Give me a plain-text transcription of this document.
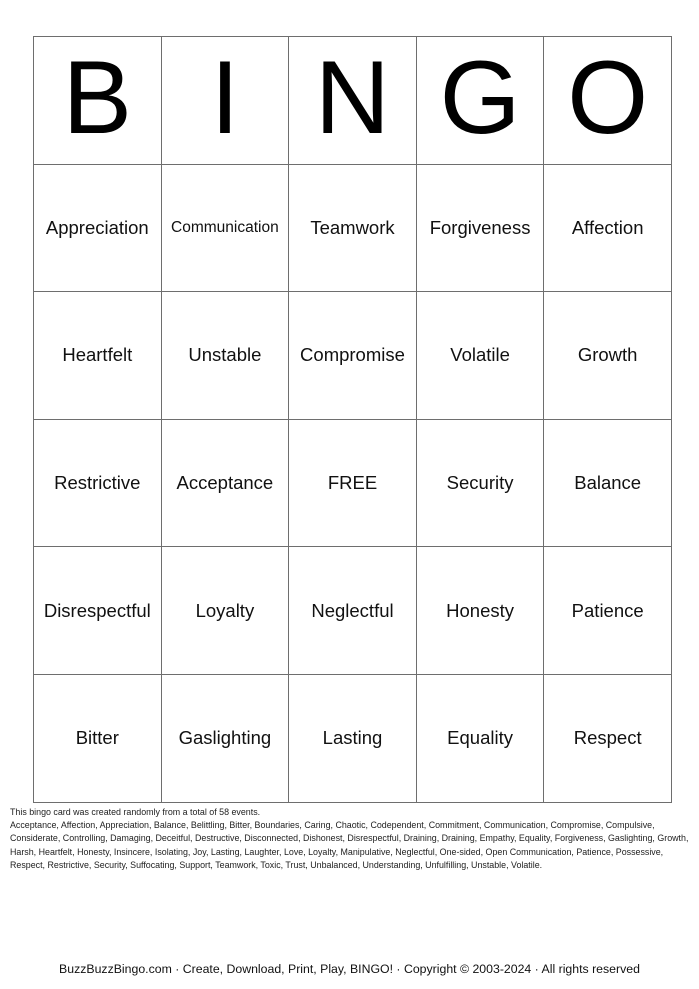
B	I	N	G	O
Appreciation	Communication	Teamwork	Forgiveness	Affection
Heartfelt	Unstable	Compromise	Volatile	Growth
Restrictive	Acceptance	FREE	Security	Balance
Disrespectful	Loyalty	Neglectful	Honesty	Patience
Bitter	Gaslighting	Lasting	Equality	Respect

This bingo card was created randomly from a total of 58 events.

Acceptance, Affection, Appreciation, Balance, Belittling, Bitter, Boundaries, Caring, Chaotic, Codependent, Commitment, Communication, Compromise, Compulsive, Considerate, Controlling, Damaging, Deceitful, Destructive, Disconnected, Dishonest, Disrespectful, Draining, Draining, Empathy, Equality, Forgiveness, Gaslighting, Growth, Harsh, Heartfelt, Honesty, Insincere, Isolating, Joy, Lasting, Laughter, Love, Loyalty, Manipulative, Neglectful, One-sided, Open Communication, Patience, Possessive, Respect, Restrictive, Security, Suffocating, Support, Teamwork, Toxic, Trust, Unbalanced, Understanding, Unfulfilling, Unstable, Volatile.

BuzzBuzzBingo.com · Create, Download, Print, Play, BINGO! · Copyright © 2003-2024 · All rights reserved
